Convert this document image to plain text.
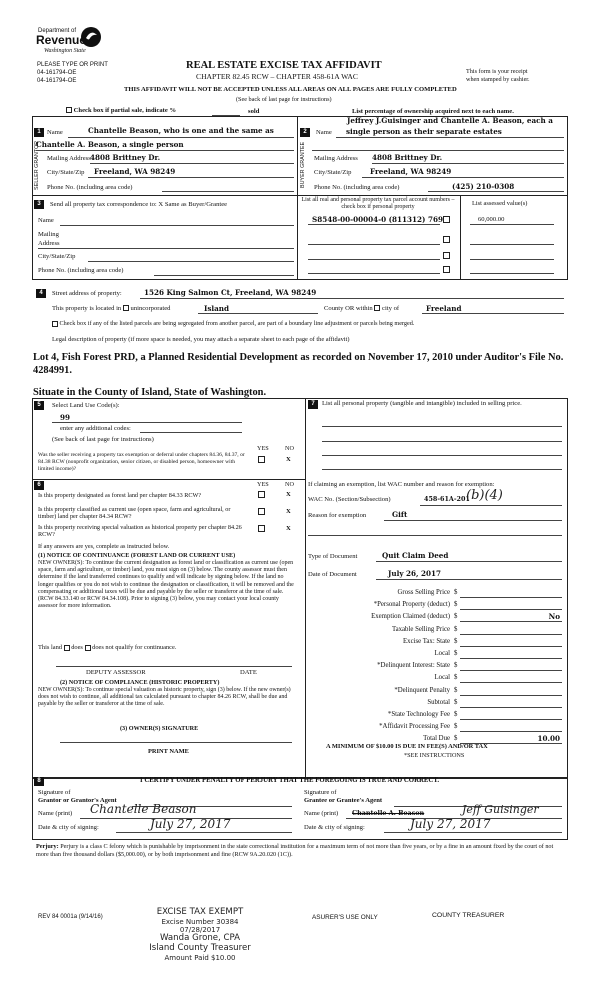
Department of
Revenue
Washington State
PLEASE TYPE OR PRINT
04-161794-OE
04-161794-OE
REAL ESTATE EXCISE TAX AFFIDAVIT
CHAPTER 82.45 RCW – CHAPTER 458-61A WAC
This form is your receipt
when stamped by cashier.
THIS AFFIDAVIT WILL NOT BE ACCEPTED UNLESS ALL AREAS ON ALL PAGES ARE FULLY COMPLETED
(See back of last page for instructions)
Check box if partial sale, indicate %	sold	List percentage of ownership acquired next to each name.
1
SELLER GRANTOR
Name	Chantelle Beason, who is one and the same as
Chantelle A. Beason, a single person
Mailing Address 4808 Brittney Dr.
City/State/Zip Freeland, WA 98249
Phone No. (including area code)
Jeffrey J.Guisinger and Chantelle A. Beason, each a
2
BUYER GRANTEE
Name single person as their separate estates
Mailing Address 4808 Brittney Dr.
City/State/Zip	Freeland, WA 98249
Phone No. (including area code)	(425) 210-0308
3	Send all property tax correspondence to: X Same as Buyer/Grantee
Name
Mailing Address
City/State/Zip
Phone No. (including area code)
List all real and personal property tax parcel account numbers – check box if personal property
List assessed value(s)
S8548-00-00004-0 (811312) 769	60,000.00
4	Street address of property:	1526 King Salmon Ct, Freeland, WA 98249
This property is located in unincorporated	Island	County OR within city of	Freeland
Check box if any of the listed parcels are being segregated from another parcel, are part of a boundary line adjustment or parcels being merged.
Legal description of property (if more space is needed, you may attach a separate sheet to each page of the affidavit)
Lot 4, Fish Forest PRD, a Planned Residential Development as recorded on November 17, 2010 under Auditor's File No. 4284991.
Situate in the County of Island, State of Washington.
5	Select Land Use Code(s):
99
enter any additional codes:
(See back of last page for instructions)
YES	NO
Was the seller receiving a property tax exemption or deferral under chapters 84.36, 84.37, or 84.38 RCW (nonprofit organization, senior citizen, or disabled person, homeowner with limited income)?
X
6	YES	NO
Is this property designated as forest land per chapter 84.33 RCW?	X
Is this property classified as current use (open space, farm and agricultural, or timber) land per chapter 84.34 RCW?
X
Is this property receiving special valuation as historical property per chapter 84.26 RCW?
X
If any answers are yes, complete as instructed below.
(1) NOTICE OF CONTINUANCE (FOREST LAND OR CURRENT USE)
NEW OWNER(S): To continue the current designation as forest land or classification as current use (open space, farm and agriculture, or timber) land, you must sign on (3) below. The county assessor must then determine if the land transferred continues to qualify and will indicate by signing below. If the land no longer qualifies or you do not wish to continue the designation or classification, it will be removed and the compensating or additional taxes will be due and payable by the seller or transferor at the time of sale. (RCW 84.33.140 or RCW 84.34.108). Prior to signing (3) below, you may contact your local county assessor for more information.
This land does does not qualify for continuance.
DEPUTY ASSESSOR	DATE
(2) NOTICE OF COMPLIANCE (HISTORIC PROPERTY)
NEW OWNER(S): To continue special valuation as historic property, sign (3) below. If the new owner(s) does not wish to continue, all additional tax calculated pursuant to chapter 84.26 RCW, shall be due and payable by the seller or transferor at the time of sale.
(3) OWNER(S) SIGNATURE
PRINT NAME
7	List all personal property (tangible and intangible) included in selling price.
If claiming an exemption, list WAC number and reason for exemption:
WAC No. (Section/Subsection)	458-61A-201
(b)(4)
Reason for exemption	Gift
Type of Document	Quit Claim Deed
Date of Document	July 26, 2017
Gross Selling Price $
*Personal Property (deduct) $
Exemption Claimed (deduct) $	No
Taxable Selling Price $
Excise Tax: State $
Local $
*Delinquent Interest: State $
Local $
*Delinquent Penalty $
Subtotal $
*State Technology Fee $
*Affidavit Processing Fee $
Total Due $	10.00
A MINIMUM OF $10.00 IS DUE IN FEE(S) AND/OR TAX
*SEE INSTRUCTIONS
8	I CERTIFY UNDER PENALTY OF PERJURY THAT THE FOREGOING IS TRUE AND CORRECT.
Signature of
Grantor or Grantor's Agent
Name (print) Chantelle Beason
Date & city of signing:	July 27, 2017
Signature of
Grantee or Grantee's Agent
Name (print) Chantelle A. Beason	Jeff Guisinger
Date & city of signing:	July 27, 2017
Perjury: Perjury is a class C felony which is punishable by imprisonment in the state correctional institution for a maximum term of not more than five years, or by a fine in an amount fixed by the court of not more than five thousand dollars ($5,000.00), or by both imprisonment and fine (RCW 9A.20.020 (1C)).
REV 84 0001a (9/14/16)	EXCISE TAX EXEMPT
Excise Number 30384
07/28/2017
Wanda Grone, CPA
Island County Treasurer
Amount Paid $10.00
ASURER'S USE ONLY	COUNTY TREASURER
